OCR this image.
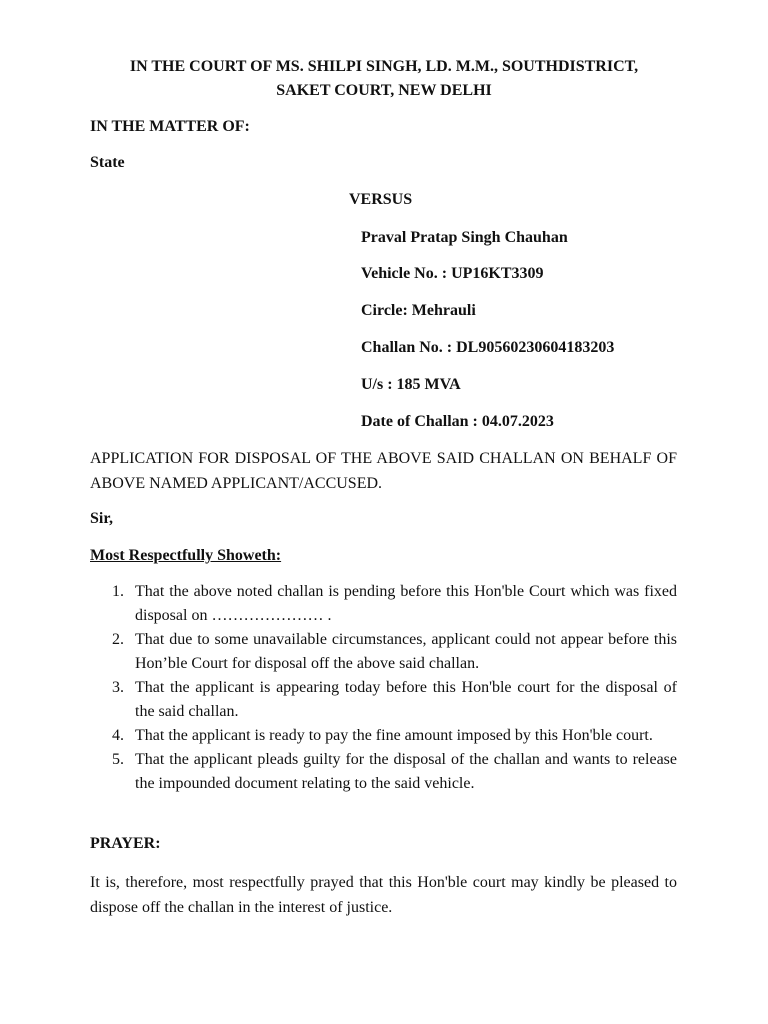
IN THE COURT OF MS. SHILPI SINGH, LD. M.M., SOUTHDISTRICT,
SAKET COURT, NEW DELHI

IN THE MATTER OF:

State

VERSUS

Praval Pratap Singh Chauhan

Vehicle No. : UP16KT3309

Circle: Mehrauli

Challan No. : DL90560230604183203

U/s : 185 MVA

Date of Challan : 04.07.2023

APPLICATION FOR DISPOSAL OF THE ABOVE SAID CHALLAN ON BEHALF OF ABOVE NAMED APPLICANT/ACCUSED.

Sir,

Most Respectfully Showeth:

1. That the above noted challan is pending before this Hon'ble Court which was fixed disposal on ………………… .
2. That due to some unavailable circumstances, applicant could not appear before this Hon’ble Court for disposal off the above said challan.
3. That the applicant is appearing today before this Hon'ble court for the disposal of the said challan.
4. That the applicant is ready to pay the fine amount imposed by this Hon'ble court.
5. That the applicant pleads guilty for the disposal of the challan and wants to release the impounded document relating to the said vehicle.

PRAYER:

It is, therefore, most respectfully prayed that this Hon'ble court may kindly be pleased to dispose off the challan in the interest of justice.
